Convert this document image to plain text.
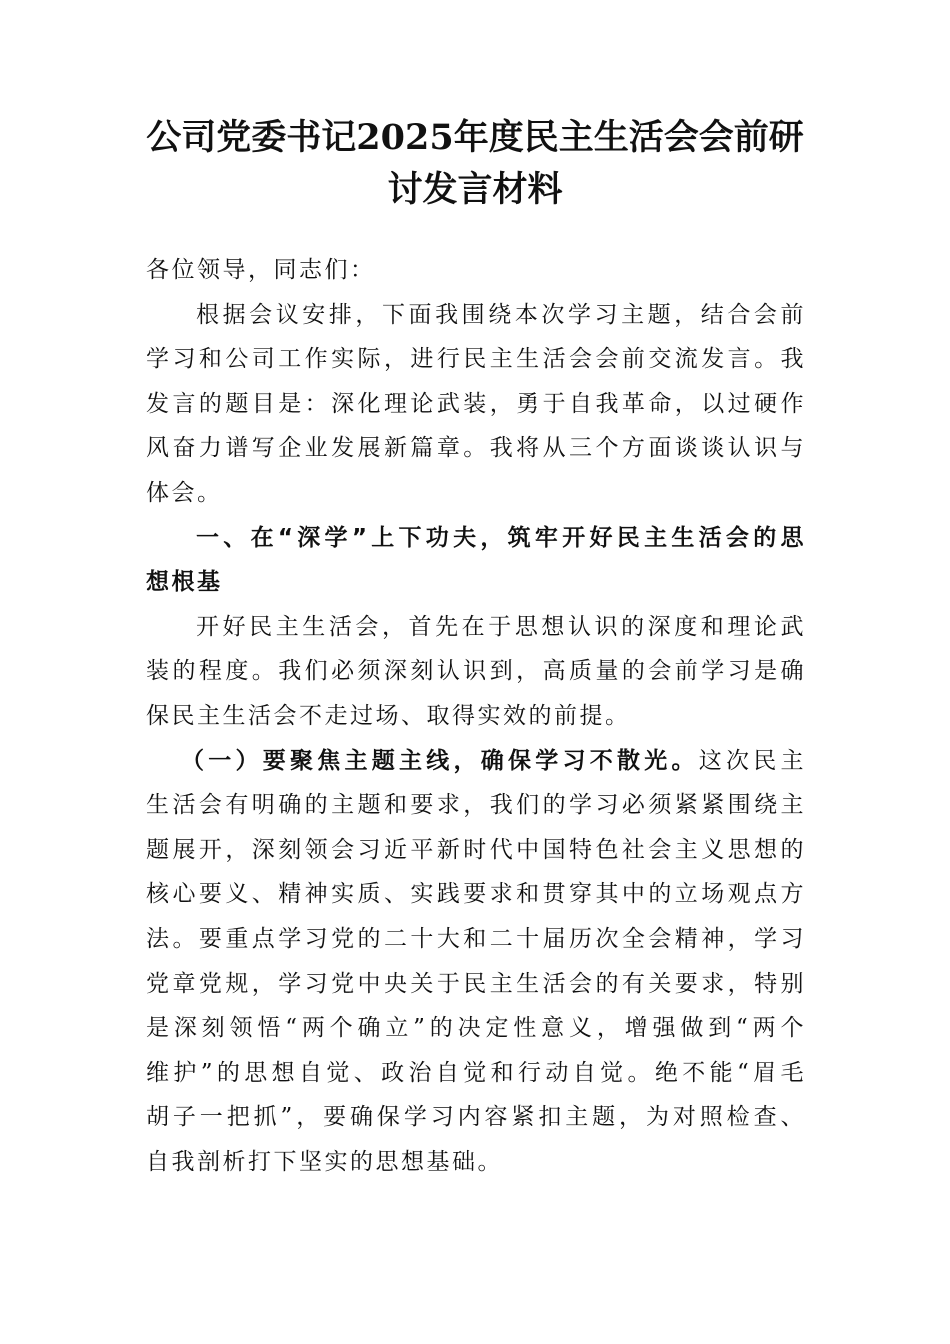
公司党委书记2025年度民主生活会会前研
讨发言材料
各位领导，同志们：
根据会议安排，下面我围绕本次学习主题，结合会前
学习和公司工作实际，进行民主生活会会前交流发言。我
发言的题目是：深化理论武装，勇于自我革命，以过硬作
风奋力谱写企业发展新篇章。我将从三个方面谈谈认识与
体会。
一、在“深学”上下功夫，筑牢开好民主生活会的思
想根基
开好民主生活会，首先在于思想认识的深度和理论武
装的程度。我们必须深刻认识到，高质量的会前学习是确
保民主生活会不走过场、取得实效的前提。
（一）要聚焦主题主线，确保学习不散光。这次民主
生活会有明确的主题和要求，我们的学习必须紧紧围绕主
题展开，深刻领会习近平新时代中国特色社会主义思想的
核心要义、精神实质、实践要求和贯穿其中的立场观点方
法。要重点学习党的二十大和二十届历次全会精神，学习
党章党规，学习党中央关于民主生活会的有关要求，特别
是深刻领悟“两个确立”的决定性意义，增强做到“两个
维护”的思想自觉、政治自觉和行动自觉。绝不能“眉毛
胡子一把抓”，要确保学习内容紧扣主题，为对照检查、
自我剖析打下坚实的思想基础。
